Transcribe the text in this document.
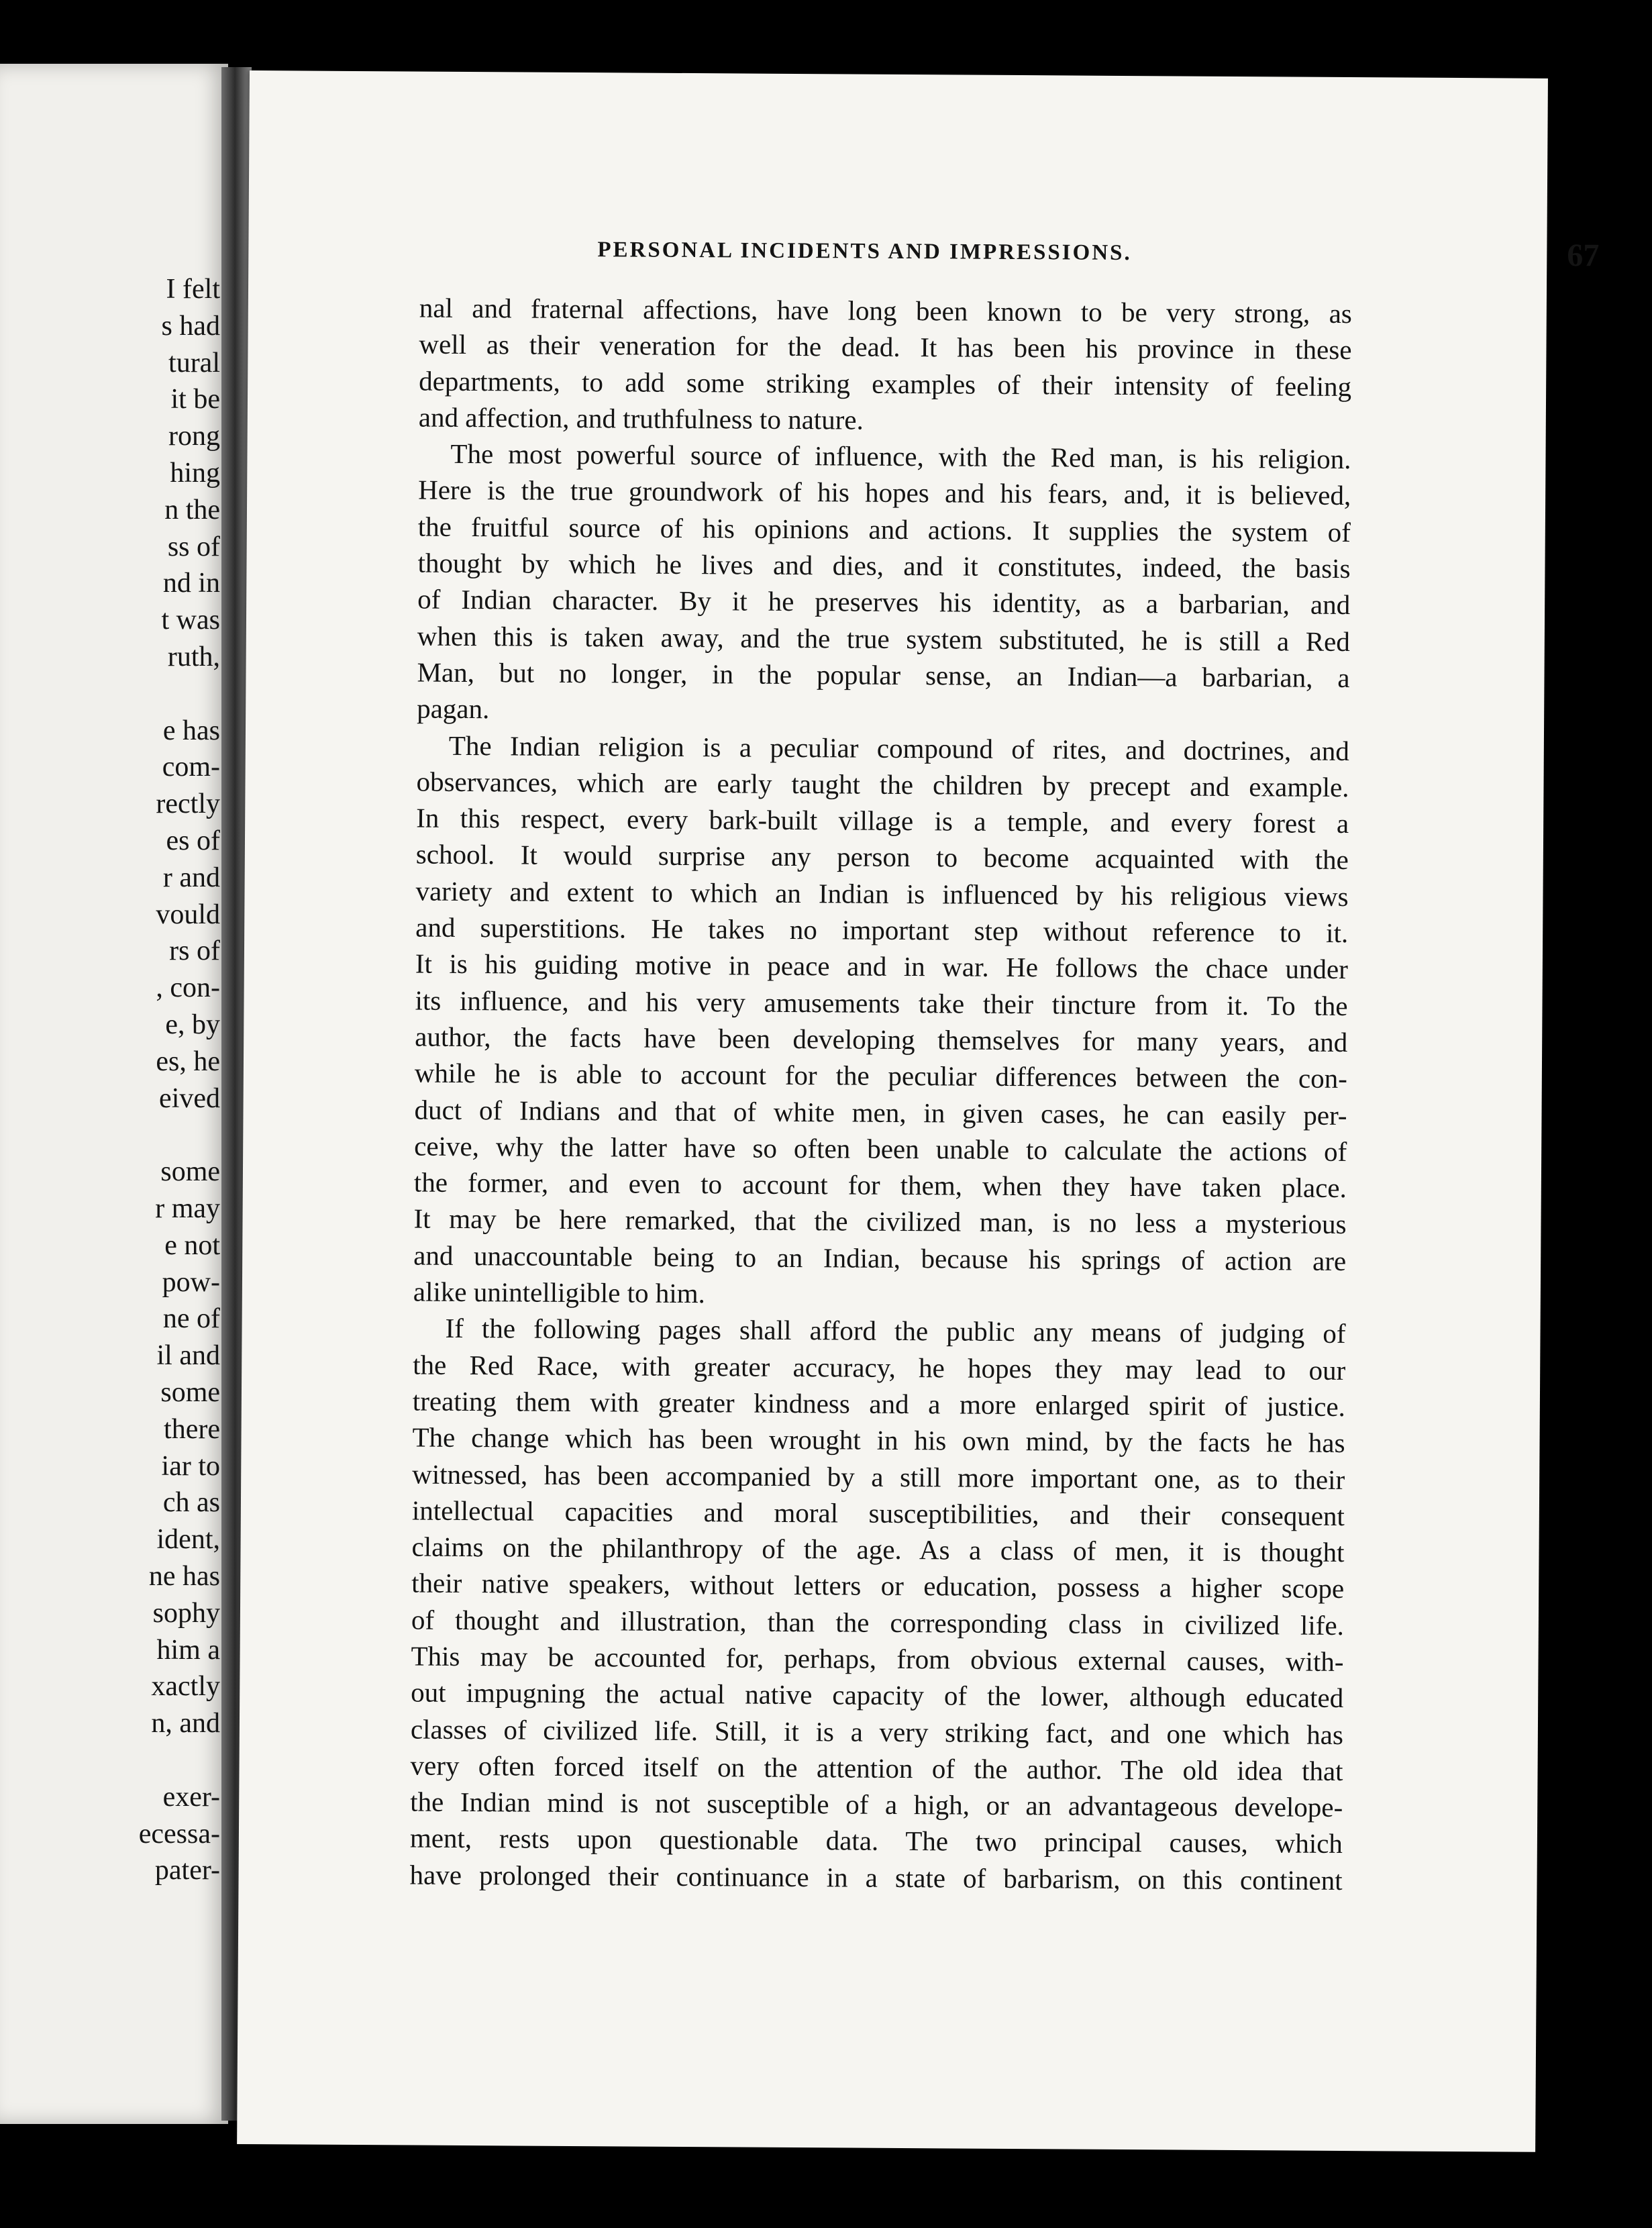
I felt
s had
tural
it be
rong
hing
n the
ss of
nd in
t was
ruth,
e has
com-
rectly
es of
r and
vould
rs of
, con-
e, by
es, he
eived
some
r may
e not
pow-
ne of
il and
some
there
iar to
ch as
ident,
ne has
sophy
him a
xactly
n, and
exer-
ecessa-
pater-
PERSONAL INCIDENTS AND IMPRESSIONS.	67
nal and fraternal affections, have long been known to be very strong, as
well as their veneration for the dead. It has been his province in these
departments, to add some striking examples of their intensity of feeling
and affection, and truthfulness to nature.
The most powerful source of influence, with the Red man, is his religion.
Here is the true groundwork of his hopes and his fears, and, it is believed,
the fruitful source of his opinions and actions. It supplies the system of
thought by which he lives and dies, and it constitutes, indeed, the basis
of Indian character. By it he preserves his identity, as a barbarian, and
when this is taken away, and the true system substituted, he is still a Red
Man, but no longer, in the popular sense, an Indian—a barbarian, a
pagan.
The Indian religion is a peculiar compound of rites, and doctrines, and
observances, which are early taught the children by precept and example.
In this respect, every bark-built village is a temple, and every forest a
school. It would surprise any person to become acquainted with the
variety and extent to which an Indian is influenced by his religious views
and superstitions. He takes no important step without reference to it.
It is his guiding motive in peace and in war. He follows the chace under
its influence, and his very amusements take their tincture from it. To the
author, the facts have been developing themselves for many years, and
while he is able to account for the peculiar differences between the con-
duct of Indians and that of white men, in given cases, he can easily per-
ceive, why the latter have so often been unable to calculate the actions of
the former, and even to account for them, when they have taken place.
It may be here remarked, that the civilized man, is no less a mysterious
and unaccountable being to an Indian, because his springs of action are
alike unintelligible to him.
If the following pages shall afford the public any means of judging of
the Red Race, with greater accuracy, he hopes they may lead to our
treating them with greater kindness and a more enlarged spirit of justice.
The change which has been wrought in his own mind, by the facts he has
witnessed, has been accompanied by a still more important one, as to their
intellectual capacities and moral susceptibilities, and their consequent
claims on the philanthropy of the age. As a class of men, it is thought
their native speakers, without letters or education, possess a higher scope
of thought and illustration, than the corresponding class in civilized life.
This may be accounted for, perhaps, from obvious external causes, with-
out impugning the actual native capacity of the lower, although educated
classes of civilized life. Still, it is a very striking fact, and one which has
very often forced itself on the attention of the author. The old idea that
the Indian mind is not susceptible of a high, or an advantageous develope-
ment, rests upon questionable data. The two principal causes, which
have prolonged their continuance in a state of barbarism, on this continent
